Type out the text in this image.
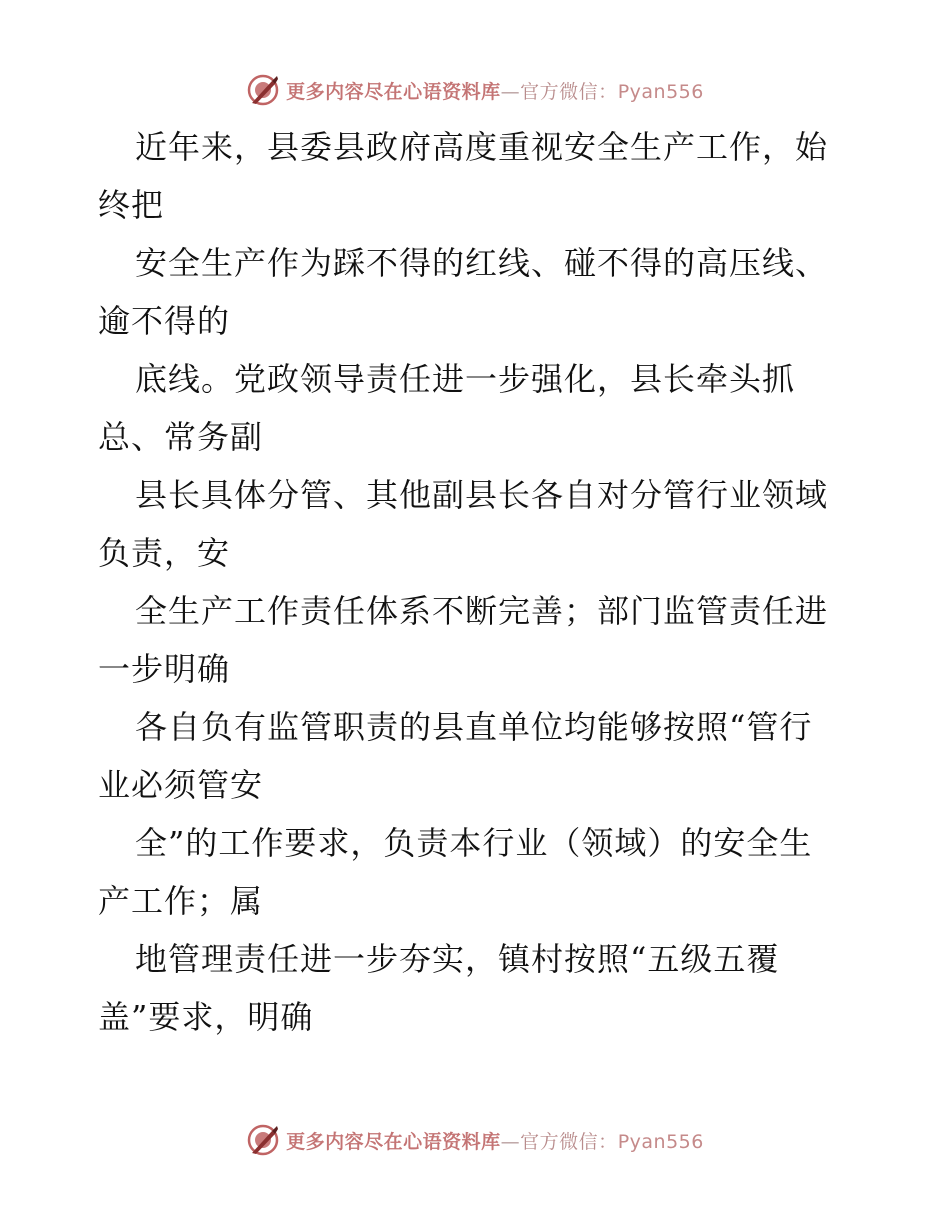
更多内容尽在心语资料库—官方微信：Pyan556
近年来，县委县政府高度重视安全生产工作，始
终把
安全生产作为踩不得的红线、碰不得的高压线、
逾不得的
底线。党政领导责任进一步强化，县长牵头抓
总、常务副
县长具体分管、其他副县长各自对分管行业领域
负责，安
全生产工作责任体系不断完善；部门监管责任进
一步明确
各自负有监管职责的县直单位均能够按照“管行
业必须管安
全”的工作要求，负责本行业（领域）的安全生
产工作；属
地管理责任进一步夯实，镇村按照“五级五覆
盖”要求，明确
更多内容尽在心语资料库—官方微信：Pyan556
